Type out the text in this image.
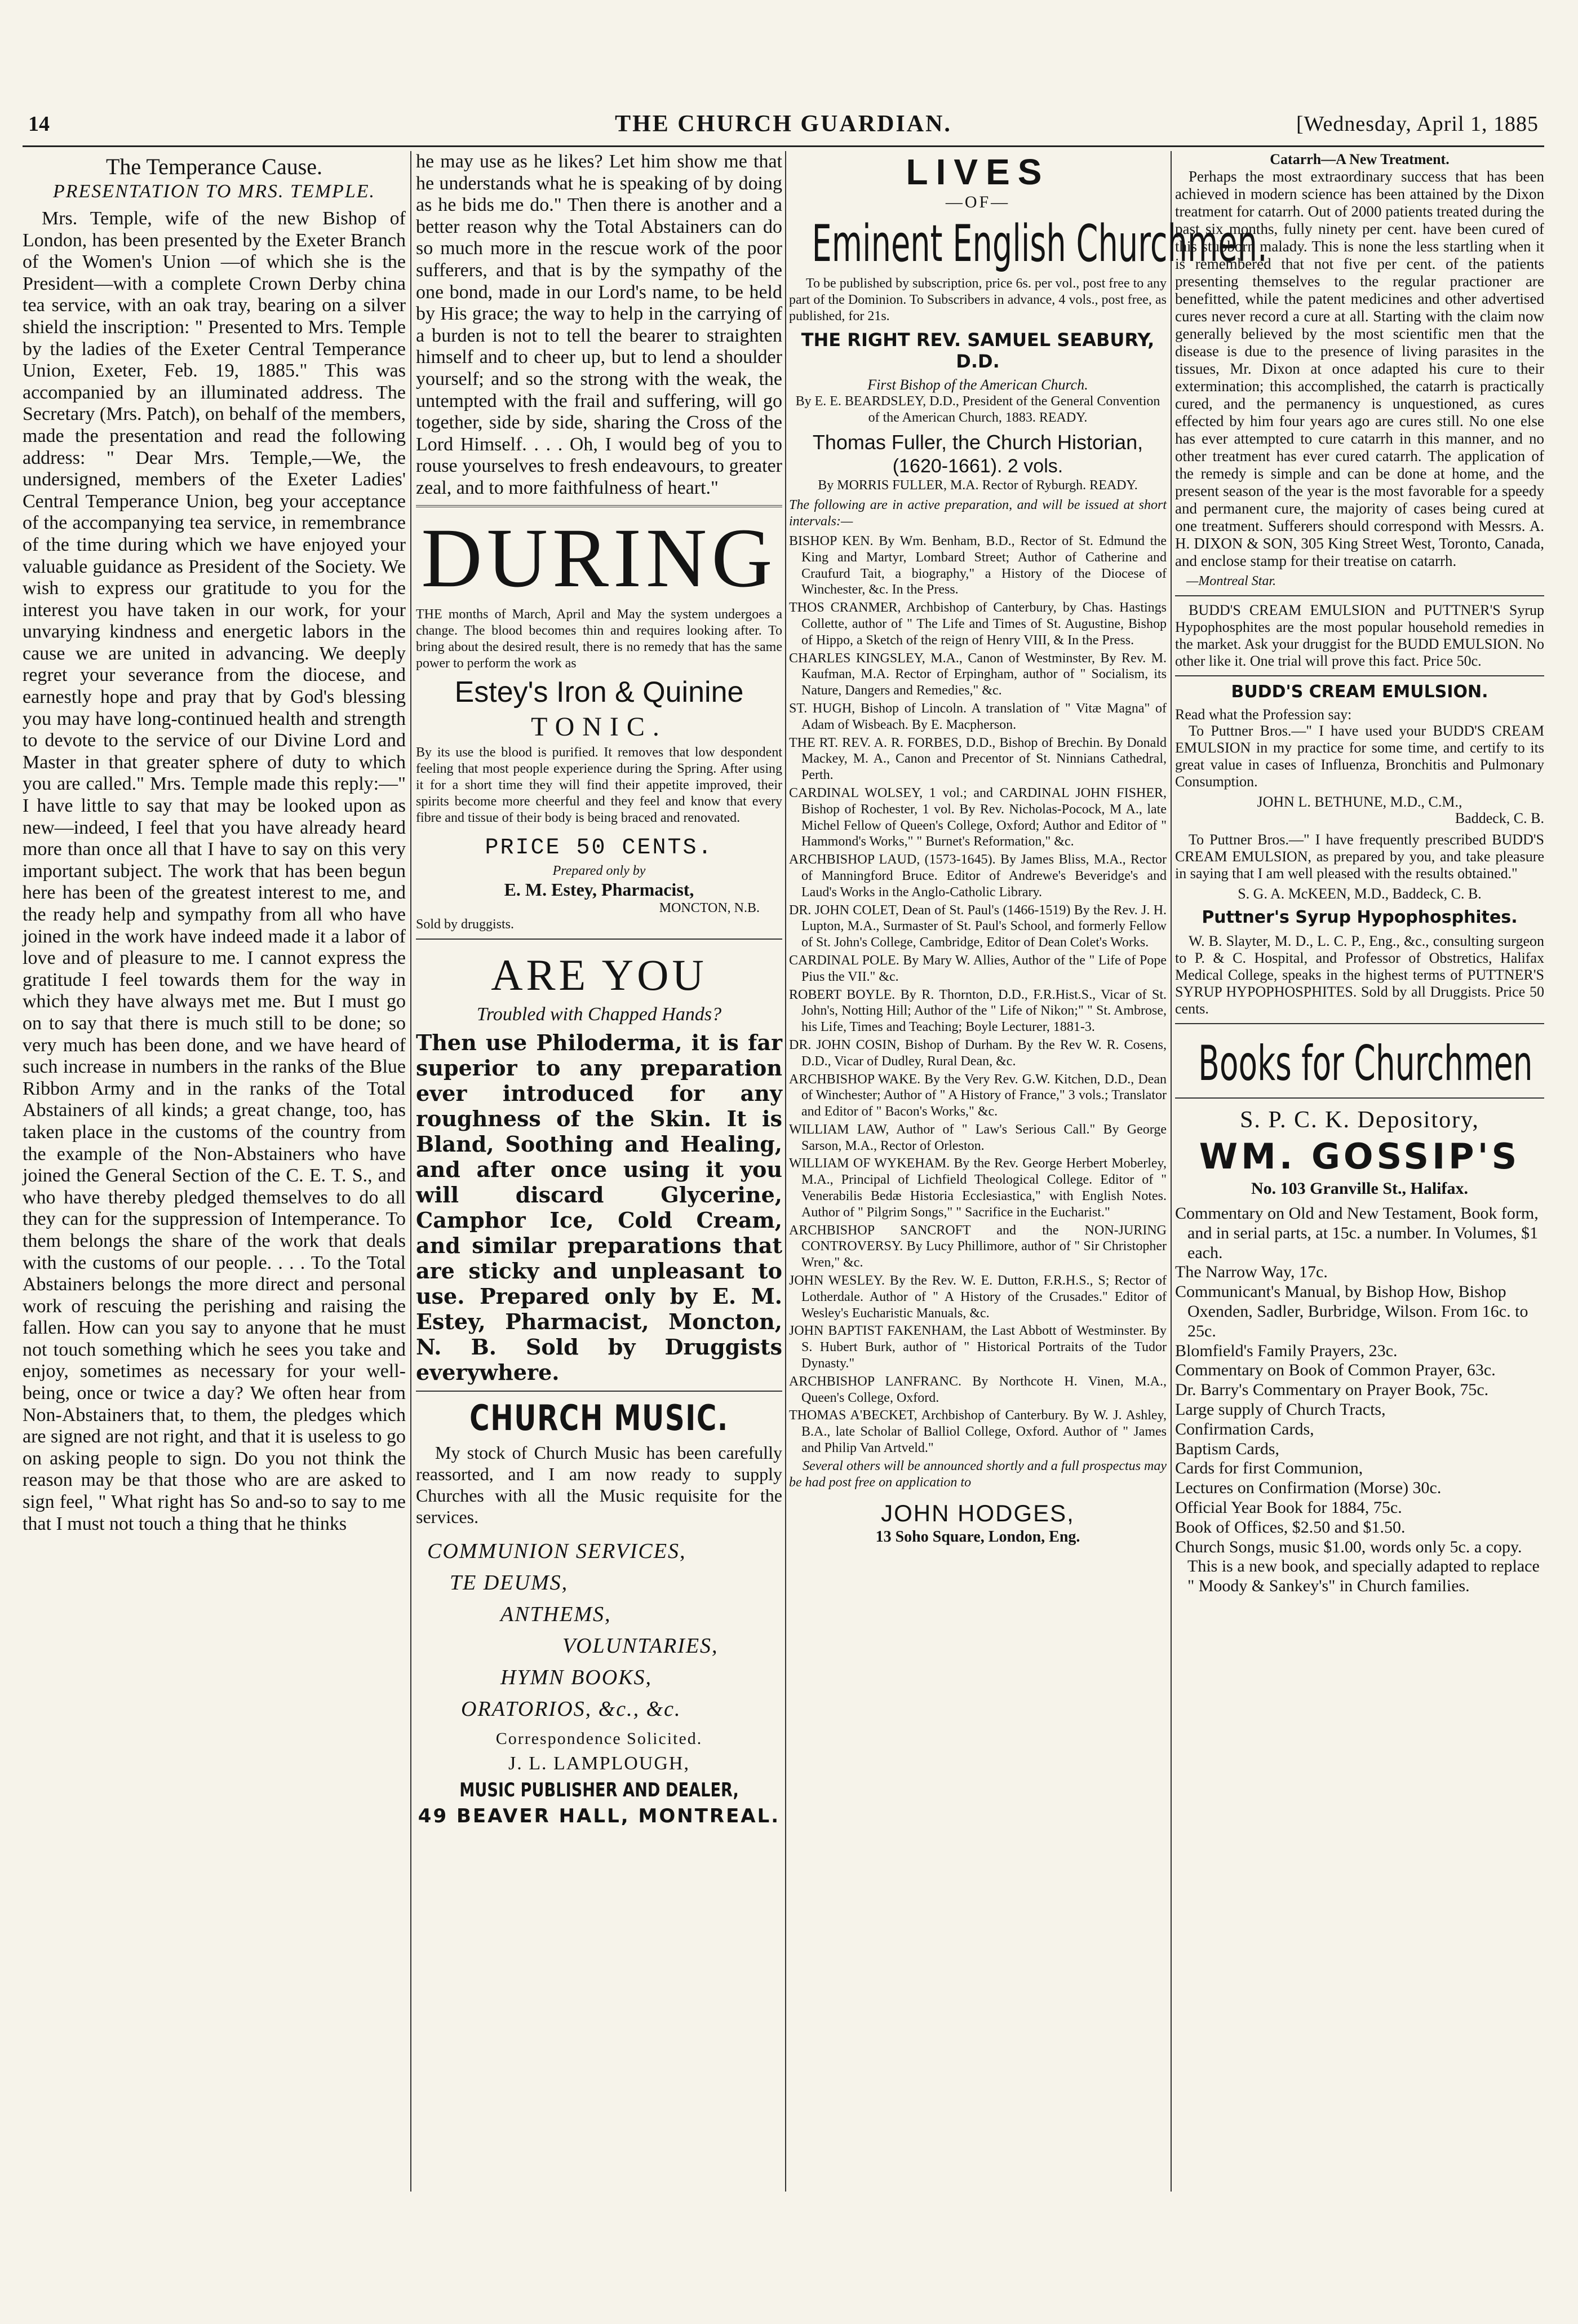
14	THE CHURCH GUARDIAN.	[Wednesday, April 1, 1885
The Temperance Cause.
PRESENTATION TO MRS. TEMPLE.

Mrs. Temple, wife of the new Bishop of London, has been presented by the Exeter Branch of the Women's Union —of which she is the President—with a complete Crown Derby china tea service, with an oak tray, bearing on a silver shield the inscription: " Presented to Mrs. Temple by the ladies of the Exeter Central Temperance Union, Exeter, Feb. 19, 1885." This was accompanied by an illuminated address. The Secretary (Mrs. Patch), on behalf of the members, made the presentation and read the following address: " Dear Mrs. Temple,—We, the undersigned, members of the Exeter Ladies' Central Temperance Union, beg your acceptance of the accompanying tea service, in remembrance of the time during which we have enjoyed your valuable guidance as President of the Society. We wish to express our gratitude to you for the interest you have taken in our work, for your unvarying kindness and energetic labors in the cause we are united in advancing. We deeply regret your severance from the diocese, and earnestly hope and pray that by God's blessing you may have long-continued health and strength to devote to the service of our Divine Lord and Master in that greater sphere of duty to which you are called." Mrs. Temple made this reply:—" I have little to say that may be looked upon as new—indeed, I feel that you have already heard more than once all that I have to say on this very important subject. The work that has been begun here has been of the greatest interest to me, and the ready help and sympathy from all who have joined in the work have indeed made it a labor of love and of pleasure to me. I cannot express the gratitude I feel towards them for the way in which they have always met me. But I must go on to say that there is much still to be done; so very much has been done, and we have heard of such increase in numbers in the ranks of the Blue Ribbon Army and in the ranks of the Total Abstainers of all kinds; a great change, too, has taken place in the customs of the country from the example of the Non-Abstainers who have joined the General Section of the C. E. T. S., and who have thereby pledged themselves to do all they can for the suppression of Intemperance. To them belongs the share of the work that deals with the customs of our people. . . . To the Total Abstainers belongs the more direct and personal work of rescuing the perishing and raising the fallen. How can you say to anyone that he must not touch something which he sees you take and enjoy, sometimes as necessary for your well-being, once or twice a day? We often hear from Non-Abstainers that, to them, the pledges which are signed are not right, and that it is useless to go on asking people to sign. Do you not think the reason may be that those who are are asked to sign feel, " What right has So and-so to say to me that I must not touch a thing that he thinks

he may use as he likes? Let him show me that he understands what he is speaking of by doing as he bids me do." Then there is another and a better reason why the Total Abstainers can do so much more in the rescue work of the poor sufferers, and that is by the sympathy of the one bond, made in our Lord's name, to be held by His grace; the way to help in the carrying of a burden is not to tell the bearer to straighten himself and to cheer up, but to lend a shoulder yourself; and so the strong with the weak, the untempted with the frail and suffering, will go together, side by side, sharing the Cross of the Lord Himself. . . . Oh, I would beg of you to rouse yourselves to fresh endeavours, to greater zeal, and to more faithfulness of heart."

DURING

THE months of March, April and May the system undergoes a change. The blood becomes thin and requires looking after. To bring about the desired result, there is no remedy that has the same power to perform the work as

Estey's Iron & Quinine
TONIC.

By its use the blood is purified. It removes that low despondent feeling that most people experience during the Spring. After using it for a short time they will find their appetite improved, their spirits become more cheerful and they feel and know that every fibre and tissue of their body is being braced and renovated.

PRICE 50 CENTS.
Prepared only by
E. M. Estey, Pharmacist,
MONCTON, N.B.
Sold by druggists.
ARE YOU
Troubled with Chapped Hands?

Then use Philoderma, it is far superior to any preparation ever introduced for any roughness of the Skin. It is Bland, Soothing and Healing, and after once using it you will discard Glycerine, Camphor Ice, Cold Cream, and similar preparations that are sticky and unpleasant to use. Prepared only by E. M. Estey, Pharmacist, Moncton, N. B. Sold by Druggists everywhere.

CHURCH MUSIC.

My stock of Church Music has been carefully reassorted, and I am now ready to supply Churches with all the Music requisite for the services.

COMMUNION SERVICES,
TE DEUMS,
ANTHEMS,
VOLUNTARIES,
HYMN BOOKS,
ORATORIOS, &c., &c.
Correspondence Solicited.
J. L. LAMPLOUGH,
MUSIC PUBLISHER AND DEALER,
49 BEAVER HALL, MONTREAL.
LIVES
—OF—
Eminent English Churchmen.

To be published by subscription, price 6s. per vol., post free to any part of the Dominion. To Subscribers in advance, 4 vols., post free, as published, for 21s.

THE RIGHT REV. SAMUEL SEABURY, D.D.
First Bishop of the American Church.

By E. E. BEARDSLEY, D.D., President of the General Convention of the American Church, 1883. READY.

Thomas Fuller, the Church Historian,
(1620-1661). 2 vols.

By MORRIS FULLER, M.A. Rector of Ryburgh. READY.

The following are in active preparation, and will be issued at short intervals:—

BISHOP KEN. By Wm. Benham, B.D., Rector of St. Edmund the King and Martyr, Lombard Street; Author of Catherine and Craufurd Tait, a biography," a History of the Diocese of Winchester, &c. In the Press.

THOS CRANMER, Archbishop of Canterbury, by Chas. Hastings Collette, author of " The Life and Times of St. Augustine, Bishop of Hippo, a Sketch of the reign of Henry VIII, & In the Press.

CHARLES KINGSLEY, M.A., Canon of Westminster, By Rev. M. Kaufman, M.A. Rector of Erpingham, author of " Socialism, its Nature, Dangers and Remedies," &c.

ST. HUGH, Bishop of Lincoln. A translation of " Vitæ Magna" of Adam of Wisbeach. By E. Macpherson.

THE RT. REV. A. R. FORBES, D.D., Bishop of Brechin. By Donald Mackey, M. A., Canon and Precentor of St. Ninnians Cathedral, Perth.

CARDINAL WOLSEY, 1 vol.; and CARDINAL JOHN FISHER, Bishop of Rochester, 1 vol. By Rev. Nicholas-Pocock, M A., late Michel Fellow of Queen's College, Oxford; Author and Editor of " Hammond's Works," " Burnet's Reformation," &c.

ARCHBISHOP LAUD, (1573-1645). By James Bliss, M.A., Rector of Manningford Bruce. Editor of Andrewe's Beveridge's and Laud's Works in the Anglo-Catholic Library.

DR. JOHN COLET, Dean of St. Paul's (1466-1519) By the Rev. J. H. Lupton, M.A., Surmaster of St. Paul's School, and formerly Fellow of St. John's College, Cambridge, Editor of Dean Colet's Works.

CARDINAL POLE. By Mary W. Allies, Author of the " Life of Pope Pius the VII." &c.

ROBERT BOYLE. By R. Thornton, D.D., F.R.Hist.S., Vicar of St. John's, Notting Hill; Author of the " Life of Nikon;" " St. Ambrose, his Life, Times and Teaching; Boyle Lecturer, 1881-3.

DR. JOHN COSIN, Bishop of Durham. By the Rev W. R. Cosens, D.D., Vicar of Dudley, Rural Dean, &c.

ARCHBISHOP WAKE. By the Very Rev. G.W. Kitchen, D.D., Dean of Winchester; Author of " A History of France," 3 vols.; Translator and Editor of " Bacon's Works," &c.

WILLIAM LAW, Author of " Law's Serious Call." By George Sarson, M.A., Rector of Orleston.

WILLIAM OF WYKEHAM. By the Rev. George Herbert Moberley, M.A., Principal of Lichfield Theological College. Editor of " Venerabilis Bedæ Historia Ecclesiastica," with English Notes. Author of " Pilgrim Songs," " Sacrifice in the Eucharist."

ARCHBISHOP SANCROFT and the NON-JURING CONTROVERSY. By Lucy Phillimore, author of " Sir Christopher Wren," &c.

JOHN WESLEY. By the Rev. W. E. Dutton, F.R.H.S., S; Rector of Lotherdale. Author of " A History of the Crusades." Editor of Wesley's Eucharistic Manuals, &c.

JOHN BAPTIST FAKENHAM, the Last Abbott of Westminster. By S. Hubert Burk, author of " Historical Portraits of the Tudor Dynasty."

ARCHBISHOP LANFRANC. By Northcote H. Vinen, M.A., Queen's College, Oxford.

THOMAS A'BECKET, Archbishop of Canterbury. By W. J. Ashley, B.A., late Scholar of Balliol College, Oxford. Author of " James and Philip Van Artveld."

Several others will be announced shortly and a full prospectus may be had post free on application to

JOHN HODGES,
13 Soho Square, London, Eng.
Catarrh—A New Treatment.

Perhaps the most extraordinary success that has been achieved in modern science has been attained by the Dixon treatment for catarrh. Out of 2000 patients treated during the past six months, fully ninety per cent. have been cured of this stubborn malady. This is none the less startling when it is remembered that not five per cent. of the patients presenting themselves to the regular practioner are benefitted, while the patent medicines and other advertised cures never record a cure at all. Starting with the claim now generally believed by the most scientific men that the disease is due to the presence of living parasites in the tissues, Mr. Dixon at once adapted his cure to their extermination; this accomplished, the catarrh is practically cured, and the permanency is unquestioned, as cures effected by him four years ago are cures still. No one else has ever attempted to cure catarrh in this manner, and no other treatment has ever cured catarrh. The application of the remedy is simple and can be done at home, and the present season of the year is the most favorable for a speedy and permanent cure, the majority of cases being cured at one treatment. Sufferers should correspond with Messrs. A. H. DIXON & SON, 305 King Street West, Toronto, Canada, and enclose stamp for their treatise on catarrh.

—Montreal Star.

BUDD'S CREAM EMULSION and PUTTNER'S Syrup Hypophosphites are the most popular household remedies in the market. Ask your druggist for the BUDD EMULSION. No other like it. One trial will prove this fact. Price 50c.

BUDD'S CREAM EMULSION.
Read what the Profession say:

To Puttner Bros.—" I have used your BUDD'S CREAM EMULSION in my practice for some time, and certify to its great value in cases of Influenza, Bronchitis and Pulmonary Consumption.

JOHN L. BETHUNE, M.D., C.M.,
Baddeck, C. B.

To Puttner Bros.—" I have frequently prescribed BUDD'S CREAM EMULSION, as prepared by you, and take pleasure in saying that I am well pleased with the results obtained."

S. G. A. McKEEN, M.D., Baddeck, C. B.
Puttner's Syrup Hypophosphites.

W. B. Slayter, M. D., L. C. P., Eng., &c., consulting surgeon to P. & C. Hospital, and Professor of Obstretics, Halifax Medical College, speaks in the highest terms of PUTTNER'S SYRUP HYPOPHOSPHITES. Sold by all Druggists. Price 50 cents.

Books for Churchmen
S. P. C. K. Depository,
WM. GOSSIP'S
No. 103 Granville St., Halifax.

Commentary on Old and New Testament, Book form, and in serial parts, at 15c. a number. In Volumes, $1 each.

The Narrow Way, 17c.

Communicant's Manual, by Bishop How, Bishop Oxenden, Sadler, Burbridge, Wilson. From 16c. to 25c.

Blomfield's Family Prayers, 23c.

Commentary on Book of Common Prayer, 63c.

Dr. Barry's Commentary on Prayer Book, 75c.

Large supply of Church Tracts,

Confirmation Cards,

Baptism Cards,

Cards for first Communion,

Lectures on Confirmation (Morse) 30c.

Official Year Book for 1884, 75c.

Book of Offices, $2.50 and $1.50.

Church Songs, music $1.00, words only 5c. a copy. This is a new book, and specially adapted to replace " Moody & Sankey's" in Church families.
